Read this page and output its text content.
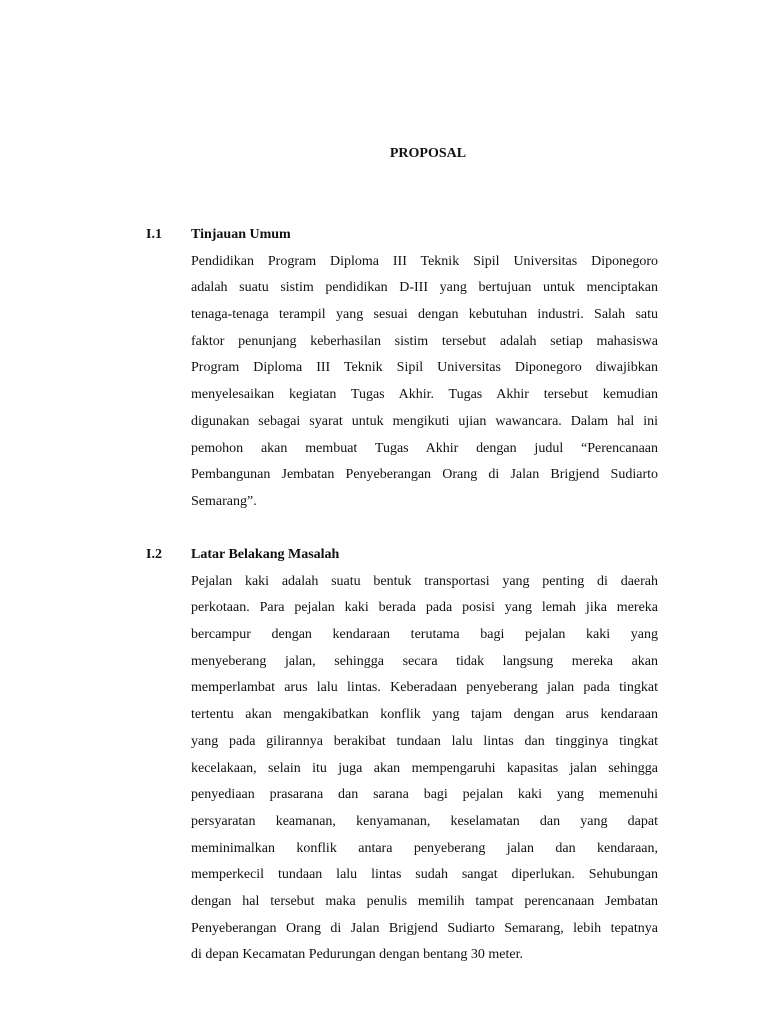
PROPOSAL
I.1 Tinjauan Umum
Pendidikan Program Diploma III Teknik Sipil Universitas Diponegoro
adalah suatu sistim pendidikan D-III yang bertujuan untuk menciptakan
tenaga-tenaga terampil yang sesuai dengan kebutuhan industri. Salah satu
faktor penunjang keberhasilan sistim tersebut adalah setiap mahasiswa
Program Diploma III Teknik Sipil Universitas Diponegoro diwajibkan
menyelesaikan kegiatan Tugas Akhir. Tugas Akhir tersebut kemudian
digunakan sebagai syarat untuk mengikuti ujian wawancara. Dalam hal ini
pemohon akan membuat Tugas Akhir dengan judul “Perencanaan
Pembangunan Jembatan Penyeberangan Orang di Jalan Brigjend Sudiarto
Semarang”.
I.2 Latar Belakang Masalah
Pejalan kaki adalah suatu bentuk transportasi yang penting di daerah
perkotaan. Para pejalan kaki berada pada posisi yang lemah jika mereka
bercampur dengan kendaraan terutama bagi pejalan kaki yang
menyeberang jalan, sehingga secara tidak langsung mereka akan
memperlambat arus lalu lintas. Keberadaan penyeberang jalan pada tingkat
tertentu akan mengakibatkan konflik yang tajam dengan arus kendaraan
yang pada gilirannya berakibat tundaan lalu lintas dan tingginya tingkat
kecelakaan, selain itu juga akan mempengaruhi kapasitas jalan sehingga
penyediaan prasarana dan sarana bagi pejalan kaki yang memenuhi
persyaratan keamanan, kenyamanan, keselamatan dan yang dapat
meminimalkan konflik antara penyeberang jalan dan kendaraan,
memperkecil tundaan lalu lintas sudah sangat diperlukan. Sehubungan
dengan hal tersebut maka penulis memilih tampat perencanaan Jembatan
Penyeberangan Orang di Jalan Brigjend Sudiarto Semarang, lebih tepatnya
di depan Kecamatan Pedurungan dengan bentang 30 meter.
